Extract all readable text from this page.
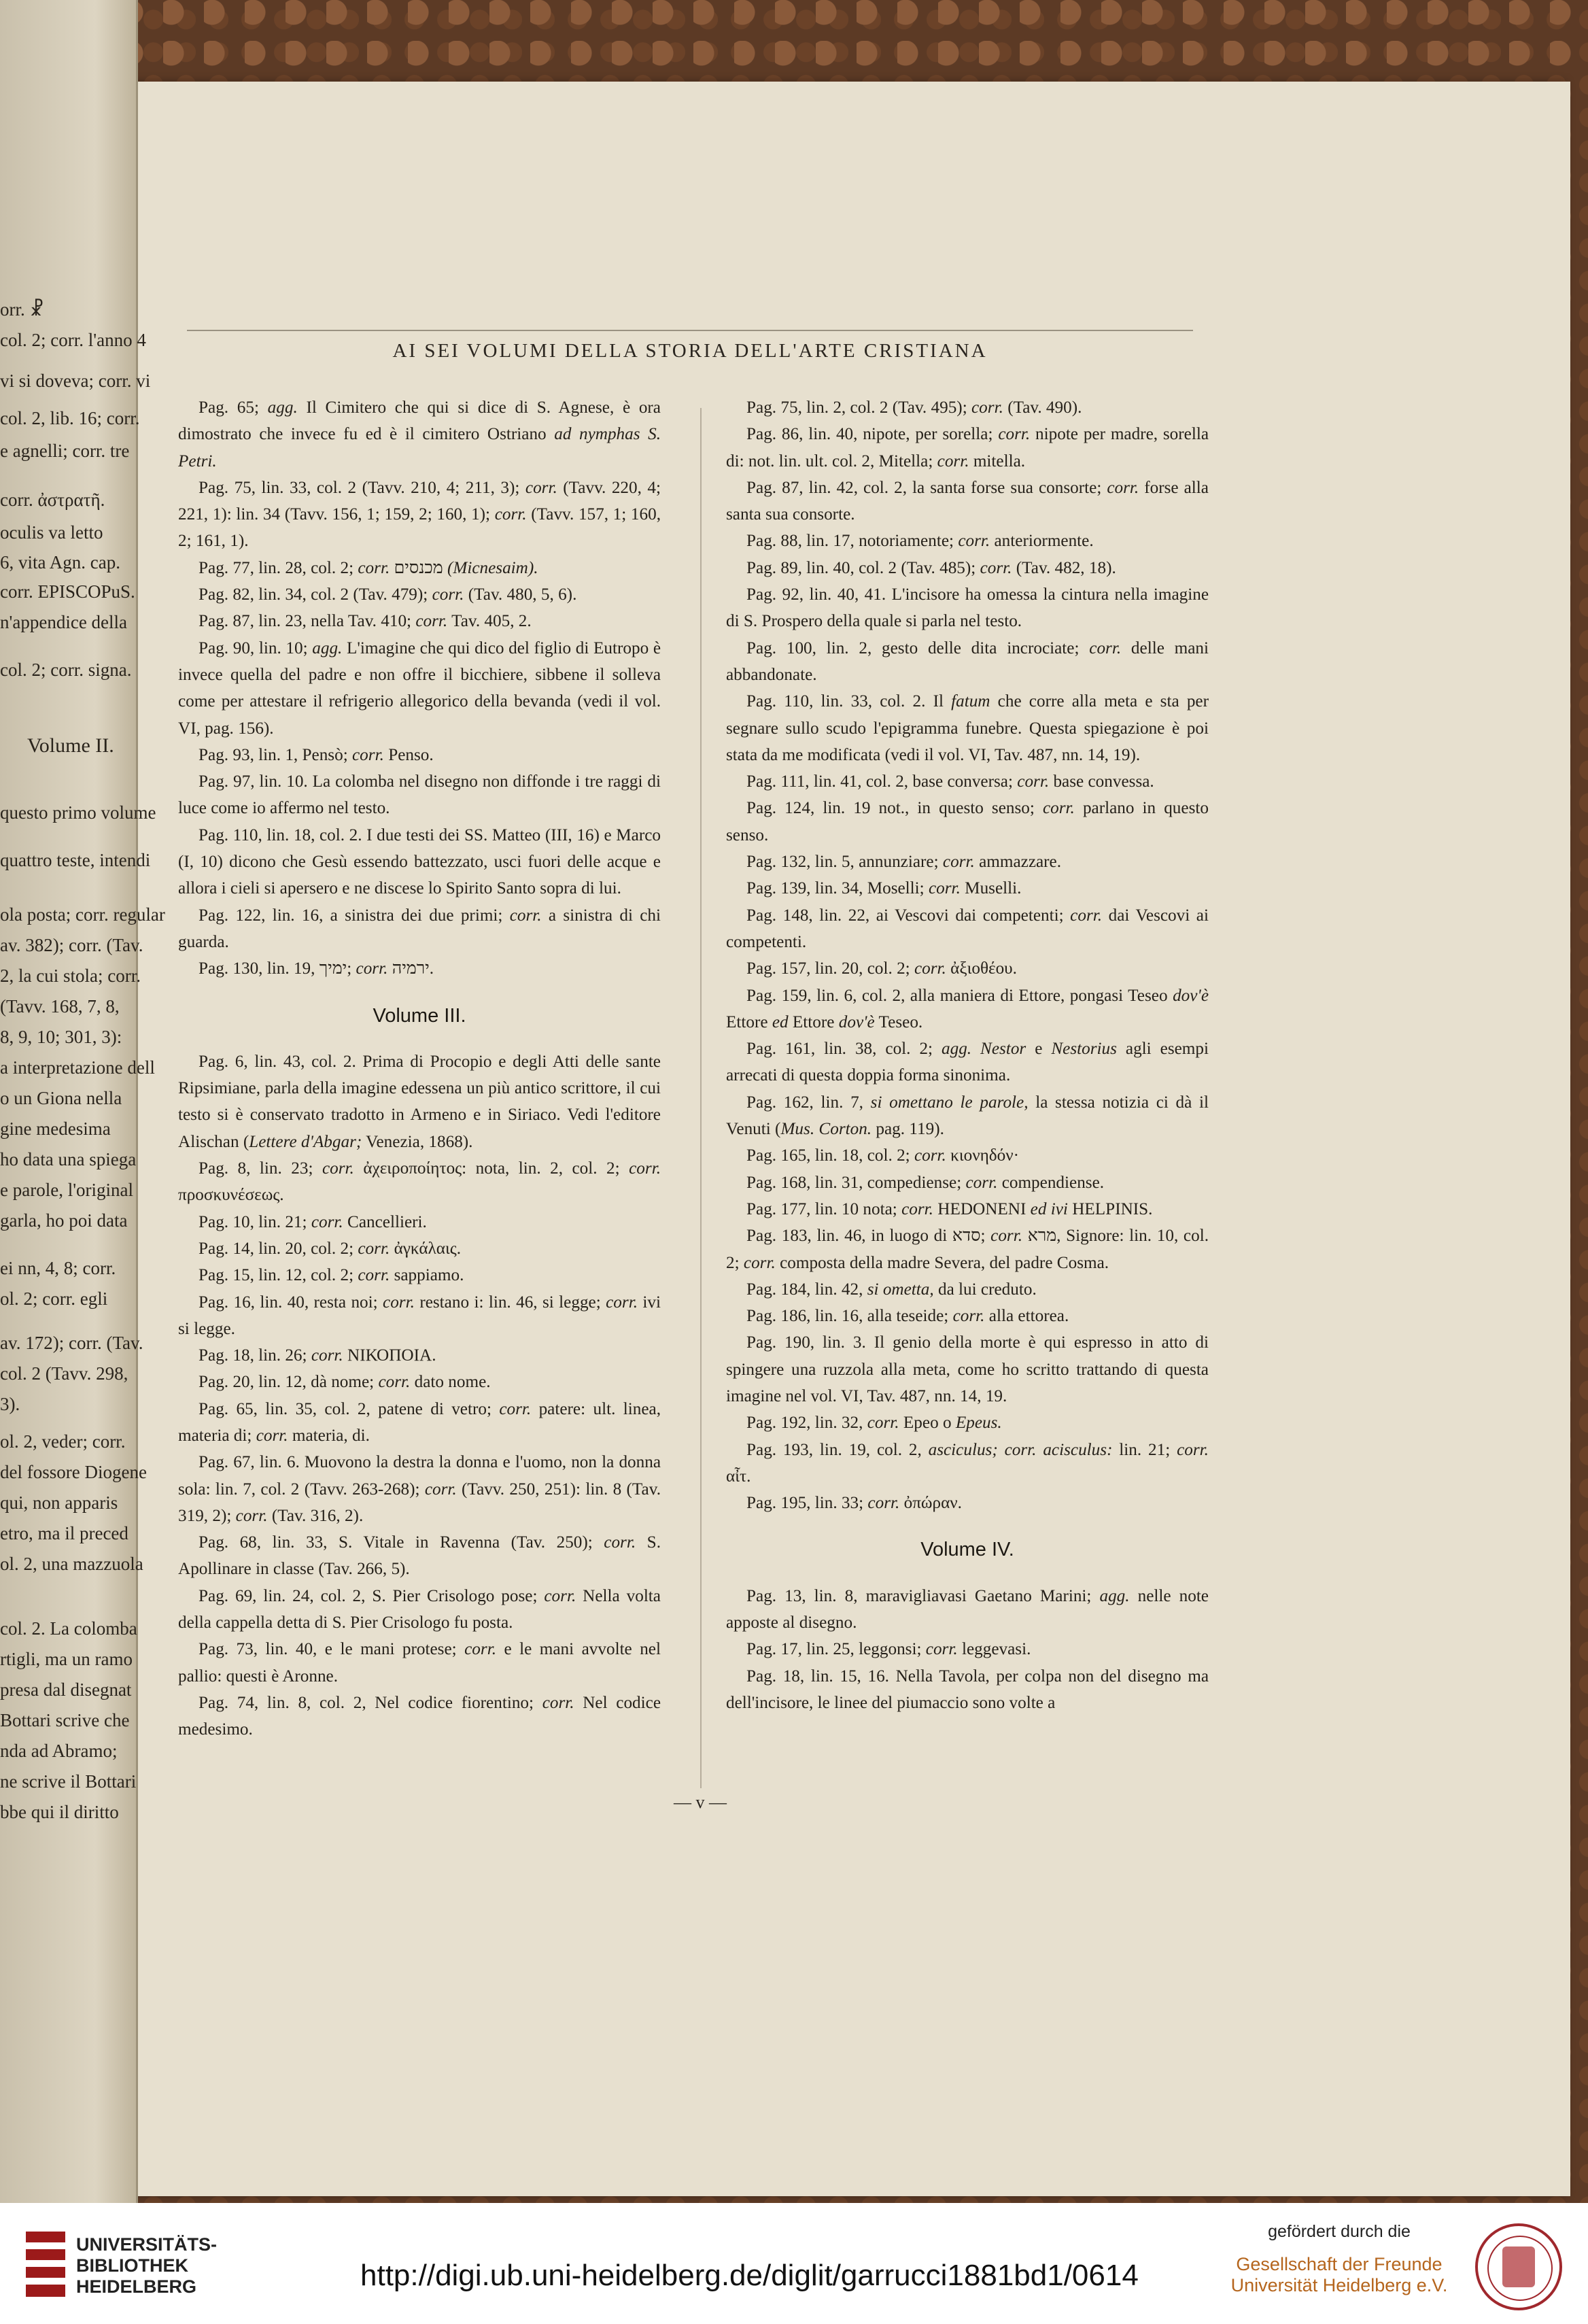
orr. ☧
col. 2; corr. l'anno 4
vi si doveva; corr. vi
col. 2, lib. 16; corr.
e agnelli; corr. tre
corr. ἀστρατῆ.
oculis va letto
6, vita Agn. cap.
corr. EPISCOPuS.
n'appendice della
col. 2; corr. signa.
Volume II.
questo primo volume
quattro teste, intendi
ola posta; corr. regular
av. 382); corr. (Tav.
2, la cui stola; corr.
(Tavv. 168, 7, 8,
8, 9, 10; 301, 3):
a interpretazione dell
o un Giona nella
gine medesima
ho data una spiega
e parole, l'original
garla, ho poi data
ei nn, 4, 8; corr.
ol. 2; corr. egli
av. 172); corr. (Tav.
col. 2 (Tavv. 298,
3).
ol. 2, veder; corr.
del fossore Diogene
qui, non apparis
etro, ma il preced
ol. 2, una mazzuola
col. 2. La colomba
rtigli, ma un ramo
presa dal disegnat
Bottari scrive che
nda ad Abramo;
ne scrive il Bottari
bbe qui il diritto
AI SEI VOLUMI DELLA STORIA DELL'ARTE CRISTIANA

Pag. 65; agg. Il Cimitero che qui si dice di S. Agnese, è ora dimostrato che invece fu ed è il cimitero Ostriano ad nymphas S. Petri.

Pag. 75, lin. 33, col. 2 (Tavv. 210, 4; 211, 3); corr. (Tavv. 220, 4; 221, 1): lin. 34 (Tavv. 156, 1; 159, 2; 160, 1); corr. (Tavv. 157, 1; 160, 2; 161, 1).

Pag. 77, lin. 28, col. 2; corr. מכנסים (Micnesaim).

Pag. 82, lin. 34, col. 2 (Tav. 479); corr. (Tav. 480, 5, 6).

Pag. 87, lin. 23, nella Tav. 410; corr. Tav. 405, 2.

Pag. 90, lin. 10; agg. L'imagine che qui dico del figlio di Eutropo è invece quella del padre e non offre il bicchiere, sibbene il solleva come per attestare il refrigerio allegorico della bevanda (vedi il vol. VI, pag. 156).

Pag. 93, lin. 1, Pensò; corr. Penso.

Pag. 97, lin. 10. La colomba nel disegno non diffonde i tre raggi di luce come io affermo nel testo.

Pag. 110, lin. 18, col. 2. I due testi dei SS. Matteo (III, 16) e Marco (I, 10) dicono che Gesù essendo battezzato, usci fuori delle acque e allora i cieli si apersero e ne discese lo Spirito Santo sopra di lui.

Pag. 122, lin. 16, a sinistra dei due primi; corr. a sinistra di chi guarda.

Pag. 130, lin. 19, ימיך; corr. ירמיה.

Volume III.

Pag. 6, lin. 43, col. 2. Prima di Procopio e degli Atti delle sante Ripsimiane, parla della imagine edessena un più antico scrittore, il cui testo si è conservato tradotto in Armeno e in Siriaco. Vedi l'editore Alischan (Lettere d'Abgar; Venezia, 1868).

Pag. 8, lin. 23; corr. ἀχειροποίητος: nota, lin. 2, col. 2; corr. προσκυνέσεως.

Pag. 10, lin. 21; corr. Cancellieri.

Pag. 14, lin. 20, col. 2; corr. ἀγκάλαις.

Pag. 15, lin. 12, col. 2; corr. sappiamo.

Pag. 16, lin. 40, resta noi; corr. restano i: lin. 46, si legge; corr. ivi si legge.

Pag. 18, lin. 26; corr. ΝΙΚΟΠΟΙΑ.

Pag. 20, lin. 12, dà nome; corr. dato nome.

Pag. 65, lin. 35, col. 2, patene di vetro; corr. patere: ult. linea, materia di; corr. materia, di.

Pag. 67, lin. 6. Muovono la destra la donna e l'uomo, non la donna sola: lin. 7, col. 2 (Tavv. 263-268); corr. (Tavv. 250, 251): lin. 8 (Tav. 319, 2); corr. (Tav. 316, 2).

Pag. 68, lin. 33, S. Vitale in Ravenna (Tav. 250); corr. S. Apollinare in classe (Tav. 266, 5).

Pag. 69, lin. 24, col. 2, S. Pier Crisologo pose; corr. Nella volta della cappella detta di S. Pier Crisologo fu posta.

Pag. 73, lin. 40, e le mani protese; corr. e le mani avvolte nel pallio: questi è Aronne.

Pag. 74, lin. 8, col. 2, Nel codice fiorentino; corr. Nel codice medesimo.

Pag. 75, lin. 2, col. 2 (Tav. 495); corr. (Tav. 490).

Pag. 86, lin. 40, nipote, per sorella; corr. nipote per madre, sorella di: not. lin. ult. col. 2, Mitella; corr. mitella.

Pag. 87, lin. 42, col. 2, la santa forse sua consorte; corr. forse alla santa sua consorte.

Pag. 88, lin. 17, notoriamente; corr. anteriormente.

Pag. 89, lin. 40, col. 2 (Tav. 485); corr. (Tav. 482, 18).

Pag. 92, lin. 40, 41. L'incisore ha omessa la cintura nella imagine di S. Prospero della quale si parla nel testo.

Pag. 100, lin. 2, gesto delle dita incrociate; corr. delle mani abbandonate.

Pag. 110, lin. 33, col. 2. Il fatum che corre alla meta e sta per segnare sullo scudo l'epigramma funebre. Questa spiegazione è poi stata da me modificata (vedi il vol. VI, Tav. 487, nn. 14, 19).

Pag. 111, lin. 41, col. 2, base conversa; corr. base convessa.

Pag. 124, lin. 19 not., in questo senso; corr. parlano in questo senso.

Pag. 132, lin. 5, annunziare; corr. ammazzare.

Pag. 139, lin. 34, Moselli; corr. Muselli.

Pag. 148, lin. 22, ai Vescovi dai competenti; corr. dai Vescovi ai competenti.

Pag. 157, lin. 20, col. 2; corr. ἀξιοθέου.

Pag. 159, lin. 6, col. 2, alla maniera di Ettore, pongasi Teseo dov'è Ettore ed Ettore dov'è Teseo.

Pag. 161, lin. 38, col. 2; agg. Nestor e Nestorius agli esempi arrecati di questa doppia forma sinonima.

Pag. 162, lin. 7, si omettano le parole, la stessa notizia ci dà il Venuti (Mus. Corton. pag. 119).

Pag. 165, lin. 18, col. 2; corr. κιονηδόν·

Pag. 168, lin. 31, compediense; corr. compendiense.

Pag. 177, lin. 10 nota; corr. HEDONENI ed ivi HELPINIS.

Pag. 183, lin. 46, in luogo di סדא; corr. מרא, Signore: lin. 10, col. 2; corr. composta della madre Severa, del padre Cosma.

Pag. 184, lin. 42, si ometta, da lui creduto.

Pag. 186, lin. 16, alla teseide; corr. alla ettorea.

Pag. 190, lin. 3. Il genio della morte è qui espresso in atto di spingere una ruzzola alla meta, come ho scritto trattando di questa imagine nel vol. VI, Tav. 487, nn. 14, 19.

Pag. 192, lin. 32, corr. Epeo o Epeus.

Pag. 193, lin. 19, col. 2, asciculus; corr. acisculus: lin. 21; corr. αἶτ.

Pag. 195, lin. 33; corr. ὀπώραν.

Volume IV.

Pag. 13, lin. 8, maravigliavasi Gaetano Marini; agg. nelle note apposte al disegno.

Pag. 17, lin. 25, leggonsi; corr. leggevasi.

Pag. 18, lin. 15, 16. Nella Tavola, per colpa non del disegno ma dell'incisore, le linee del piumaccio sono volte a

— v —
UNIVERSITÄTS-
BIBLIOTHEK
HEIDELBERG	http://digi.ub.uni-heidelberg.de/diglit/garrucci1881bd1/0614
gefördert durch die
Gesellschaft der Freunde
Universität Heidelberg e.V.
